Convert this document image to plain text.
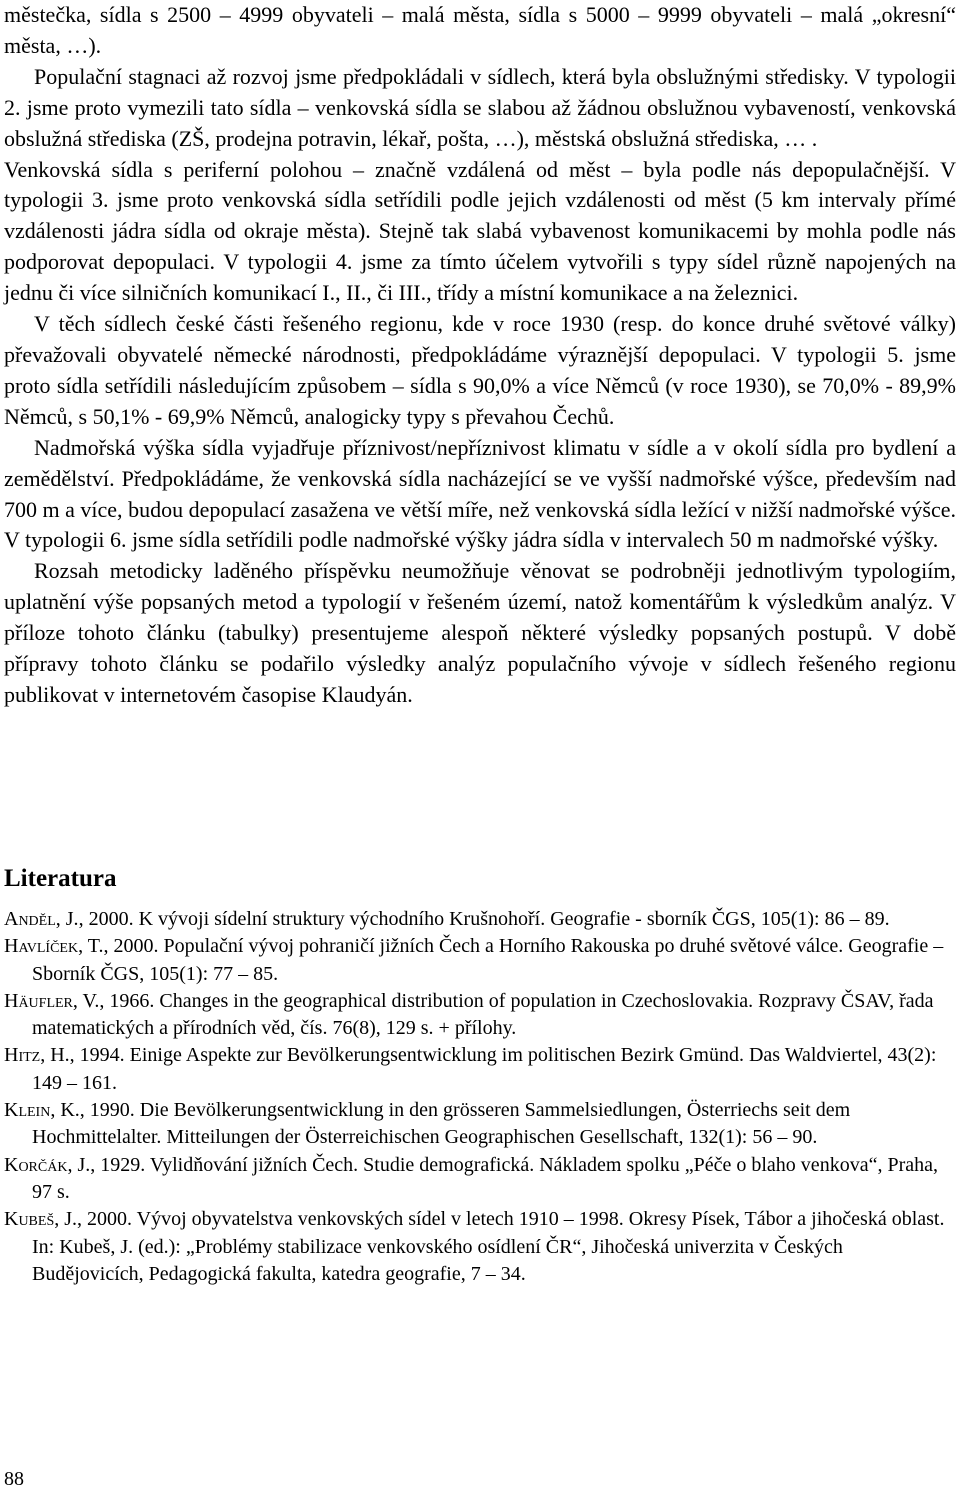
městečka, sídla s 2500 – 4999 obyvateli – malá města, sídla s 5000 – 9999 obyvateli – malá „okresní“ města, …).

Populační stagnaci až rozvoj jsme předpokládali v sídlech, která byla obslužnými středisky. V typologii 2. jsme proto vymezili tato sídla – venkovská sídla se slabou až žádnou obslužnou vybaveností, venkovská obslužná střediska (ZŠ, prodejna potravin, lékař, pošta, …), městská obslužná střediska, … .

Venkovská sídla s periferní polohou – značně vzdálená od měst – byla podle nás depopulačnější. V typologii 3. jsme proto venkovská sídla setřídili podle jejich vzdálenosti od měst (5 km intervaly přímé vzdálenosti jádra sídla od okraje města). Stejně tak slabá vybavenost komunikacemi by mohla podle nás podporovat depopulaci. V typologii 4. jsme za tímto účelem vytvořili s typy sídel různě napojených na jednu či více silničních komunikací I., II., či III., třídy a místní komunikace a na železnici.

V těch sídlech české části řešeného regionu, kde v roce 1930 (resp. do konce druhé světové války) převažovali obyvatelé německé národnosti, předpokládáme výraznější depopulaci. V typologii 5. jsme proto sídla setřídili následujícím způsobem – sídla s 90,0% a více Němců (v roce 1930), se 70,0% - 89,9% Němců, s 50,1% - 69,9% Němců, analogicky typy s převahou Čechů.

Nadmořská výška sídla vyjadřuje příznivost/nepříznivost klimatu v sídle a v okolí sídla pro bydlení a zemědělství. Předpokládáme, že venkovská sídla nacházející se ve vyšší nadmořské výšce, především nad 700 m a více, budou depopulací zasažena ve větší míře, než venkovská sídla ležící v nižší nadmořské výšce. V typologii 6. jsme sídla setřídili podle nadmořské výšky jádra sídla v intervalech 50 m nadmořské výšky.

Rozsah metodicky laděného příspěvku neumožňuje věnovat se podrobněji jednotlivým typologiím, uplatnění výše popsaných metod a typologií v řešeném území, natož komentářům k výsledkům analýz. V příloze tohoto článku (tabulky) presentujeme alespoň některé výsledky popsaných postupů. V době přípravy tohoto článku se podařilo výsledky analýz populačního vývoje v sídlech řešeného regionu publikovat v internetovém časopise Klaudyán.

Literatura

Anděl, J., 2000. K vývoji sídelní struktury východního Krušnohoří. Geografie - sborník ČGS, 105(1): 86 – 89.

Havlíček, T., 2000. Populační vývoj pohraničí jižních Čech a Horního Rakouska po druhé světové válce. Geografie – Sborník ČGS, 105(1): 77 – 85.

Häufler, V., 1966. Changes in the geographical distribution of population in Czechoslovakia. Rozpravy ČSAV, řada matematických a přírodních věd, čís. 76(8), 129 s. + přílohy.

Hitz, H., 1994. Einige Aspekte zur Bevölkerungsentwicklung im politischen Bezirk Gmünd. Das Waldviertel, 43(2): 149 – 161.

Klein, K., 1990. Die Bevölkerungsentwicklung in den grösseren Sammelsiedlungen, Österriechs seit dem Hochmittelalter. Mitteilungen der Österreichischen Geographischen Gesellschaft, 132(1): 56 – 90.

Korčák, J., 1929. Vylidňování jižních Čech. Studie demografická. Nákladem spolku „Péče o blaho venkova“, Praha, 97 s.

Kubeš, J., 2000. Vývoj obyvatelstva venkovských sídel v letech 1910 – 1998. Okresy Písek, Tábor a jihočeská oblast. In: Kubeš, J. (ed.): „Problémy stabilizace venkovského osídlení ČR“, Jihočeská univerzita v Českých Budějovicích, Pedagogická fakulta, katedra geografie, 7 – 34.

88
